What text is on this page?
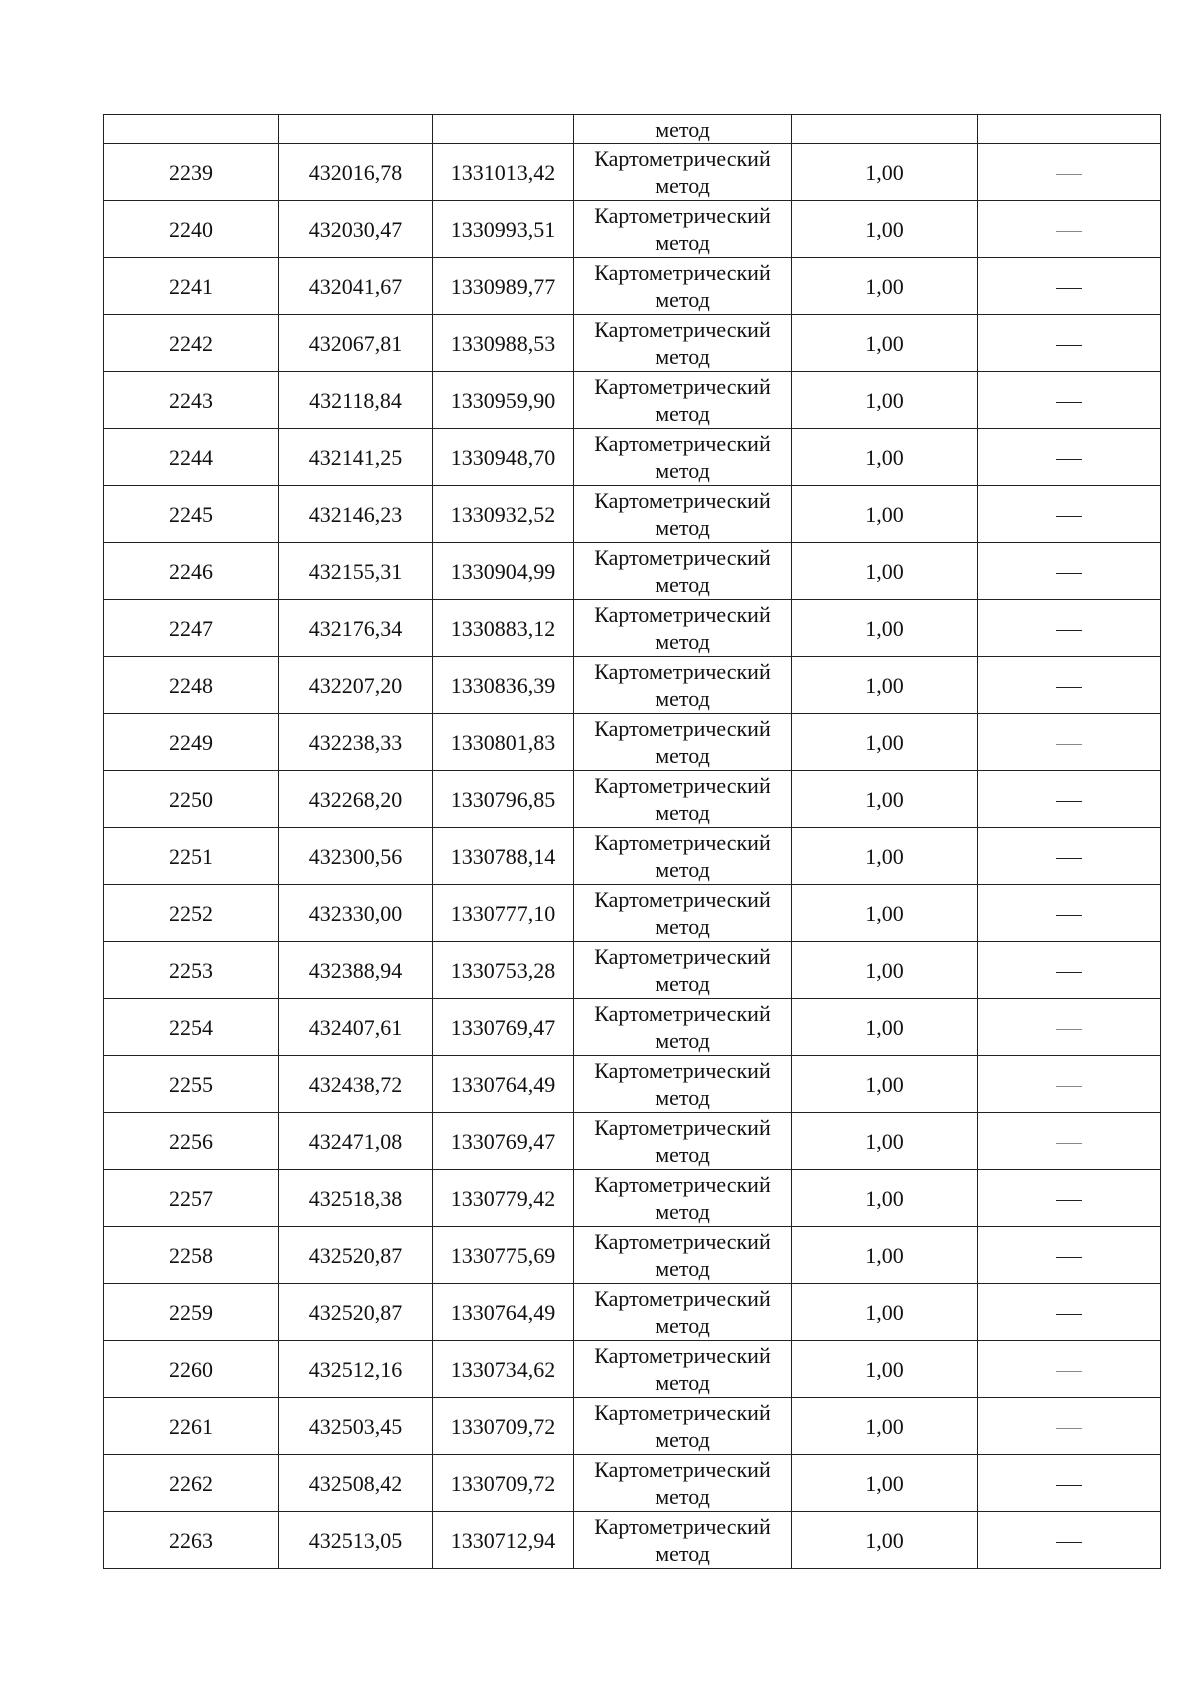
			метод		
2239	432016,78	1331013,42	Картометрический метод	1,00	
2240	432030,47	1330993,51	Картометрический метод	1,00	
2241	432041,67	1330989,77	Картометрический метод	1,00	
2242	432067,81	1330988,53	Картометрический метод	1,00	
2243	432118,84	1330959,90	Картометрический метод	1,00	
2244	432141,25	1330948,70	Картометрический метод	1,00	
2245	432146,23	1330932,52	Картометрический метод	1,00	
2246	432155,31	1330904,99	Картометрический метод	1,00	
2247	432176,34	1330883,12	Картометрический метод	1,00	
2248	432207,20	1330836,39	Картометрический метод	1,00	
2249	432238,33	1330801,83	Картометрический метод	1,00	
2250	432268,20	1330796,85	Картометрический метод	1,00	
2251	432300,56	1330788,14	Картометрический метод	1,00	
2252	432330,00	1330777,10	Картометрический метод	1,00	
2253	432388,94	1330753,28	Картометрический метод	1,00	
2254	432407,61	1330769,47	Картометрический метод	1,00	
2255	432438,72	1330764,49	Картометрический метод	1,00	
2256	432471,08	1330769,47	Картометрический метод	1,00	
2257	432518,38	1330779,42	Картометрический метод	1,00	
2258	432520,87	1330775,69	Картометрический метод	1,00	
2259	432520,87	1330764,49	Картометрический метод	1,00	
2260	432512,16	1330734,62	Картометрический метод	1,00	
2261	432503,45	1330709,72	Картометрический метод	1,00	
2262	432508,42	1330709,72	Картометрический метод	1,00	
2263	432513,05	1330712,94	Картометрический метод	1,00	
